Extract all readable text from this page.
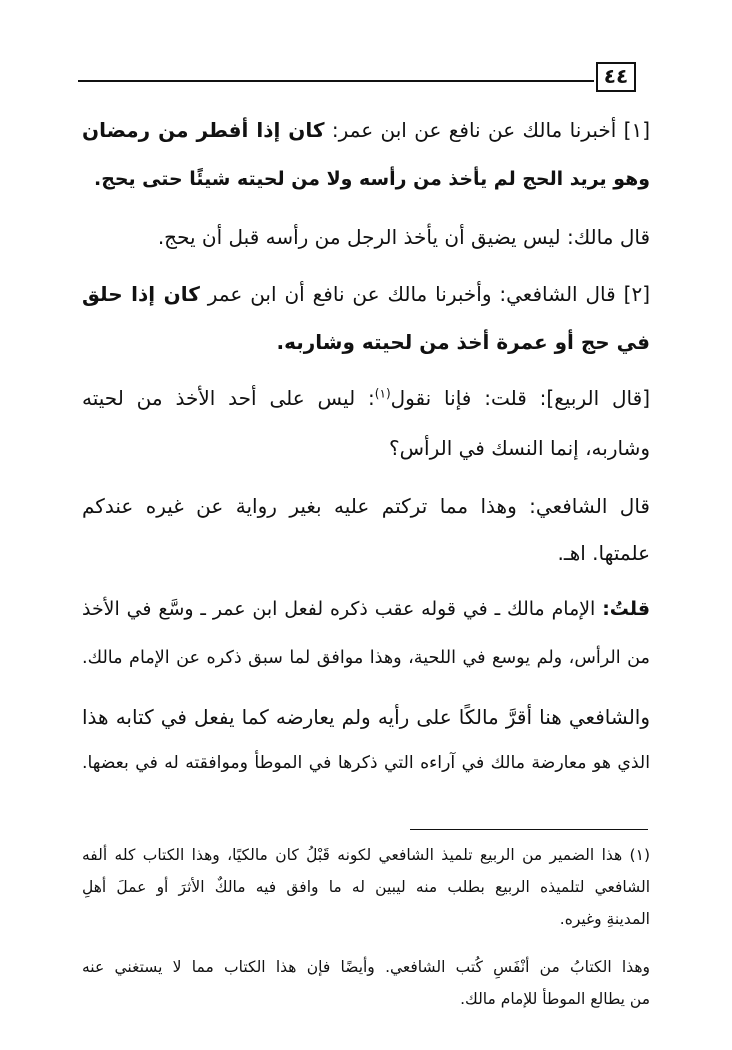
٤٤
[١] أخبرنا مالك عن نافع عن ابن عمر: كان إذا أفطر من رمضان
وهو يريد الحج لم يأخذ من رأسه ولا من لحيته شيئًا حتى يحج.
قال مالك: ليس يضيق أن يأخذ الرجل من رأسه قبل أن يحج.
[٢] قال الشافعي: وأخبرنا مالك عن نافع أن ابن عمر كان إذا حلق
في حج أو عمرة أخذ من لحيته وشاربه.
[قال الربيع]: قلت: فإنا نقول$^{(١)}$: ليس على أحد الأخذ من لحيته
وشاربه، إنما النسك في الرأس؟
قال الشافعي: وهذا مما تركتم عليه بغير رواية عن غيره عندكم
علمتها. اهـ.
قلتُ: الإمام مالك ـ في قوله عقب ذكره لفعل ابن عمر ـ وسَّع في الأخذ
من الرأس، ولم يوسع في اللحية، وهذا موافق لما سبق ذكره عن الإمام مالك.
والشافعي هنا أقرَّ مالكًا على رأيه ولم يعارضه كما يفعل في كتابه هذا
الذي هو معارضة مالك في آراءه التي ذكرها في الموطأ وموافقته له في بعضها.
(١) هذا الضمير من الربيع تلميذ الشافعي لكونه قَبْلُ كان مالكيًا، وهذا الكتاب كله ألفه
الشافعي لتلميذه الربيع بطلب منه ليبين له ما وافق فيه مالكٌ الأثرَ أو عملَ أهلِ
المدينةِ وغيره.
وهذا الكتابُ من أنْفَسِ كُتب الشافعي. وأيضًا فإن هذا الكتاب مما لا يستغني عنه
من يطالع الموطأ للإمام مالك.
